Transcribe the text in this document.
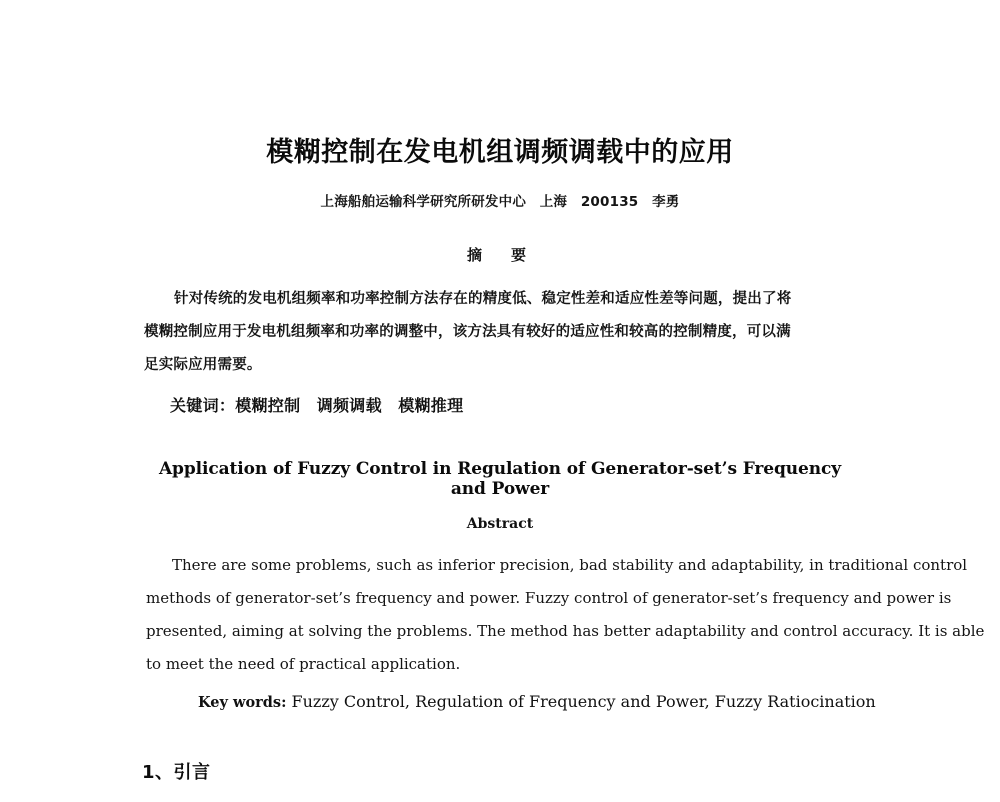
模糊控制在发电机组调频调载中的应用
上海船舶运输科学研究所研发中心　上海　200135　李勇
摘　要
针对传统的发电机组频率和功率控制方法存在的精度低、稳定性差和适应性差等问题，提出了将
模糊控制应用于发电机组频率和功率的调整中，该方法具有较好的适应性和较高的控制精度，可以满
足实际应用需要。
关键词：模糊控制　调频调载　模糊推理
Application of Fuzzy Control in Regulation of Generator-set’s Frequency and Power
Abstract
There are some problems, such as inferior precision, bad stability and adaptability, in traditional control
methods of generator-set’s frequency and power. Fuzzy control of generator-set’s frequency and power is
presented, aiming at solving the problems. The method has better adaptability and control accuracy. It is able
to meet the need of practical application.
Key words: Fuzzy Control, Regulation of Frequency and Power, Fuzzy Ratiocination
1、引言
